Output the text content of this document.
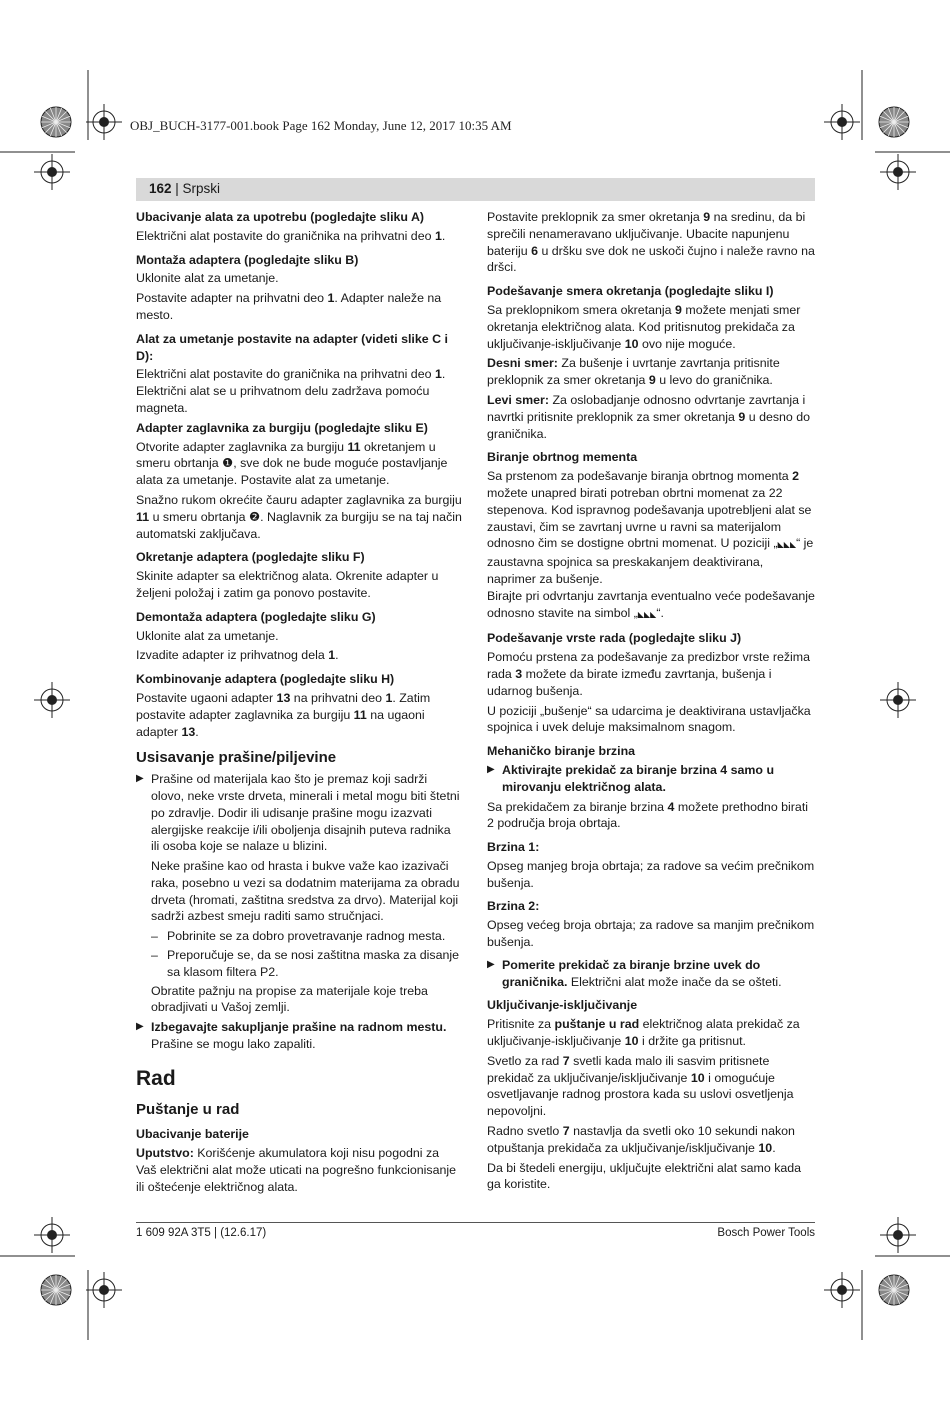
OBJ_BUCH-3177-001.book Page 162 Monday, June 12, 2017 10:35 AM
162 | Srpski
Ubacivanje alata za upotrebu (pogledajte sliku A)

Električni alat postavite do graničnika na prihvatni deo 1.

Montaža adaptera (pogledajte sliku B)

Uklonite alat za umetanje.

Postavite adapter na prihvatni deo 1. Adapter naleže na mesto.

Alat za umetanje postavite na adapter (videti slike C i D):

Električni alat postavite do graničnika na prihvatni deo 1. Električni alat se u prihvatnom delu zadržava pomoću magneta.

Adapter zaglavnika za burgiju (pogledajte sliku E)

Otvorite adapter zaglavnika za burgiju 11 okretanjem u smeru obrtanja ❶, sve dok ne bude moguće postavljanje alata za umetanje. Postavite alat za umetanje.

Snažno rukom okrećite čauru adapter zaglavnika za burgiju 11 u smeru obrtanja ❷. Naglavnik za burgiju se na taj način automatski zaključava.

Okretanje adaptera (pogledajte sliku F)

Skinite adapter sa električnog alata. Okrenite adapter u željeni položaj i zatim ga ponovo postavite.

Demontaža adaptera (pogledajte sliku G)

Uklonite alat za umetanje.

Izvadite adapter iz prihvatnog dela 1.

Kombinovanje adaptera (pogledajte sliku H)

Postavite ugaoni adapter 13 na prihvatni deo 1. Zatim postavite adapter zaglavnika za burgiju 11 na ugaoni adapter 13.

Usisavanje prašine/piljevine
▶ Prašine od materijala kao što je premaz koji sadrži olovo, neke vrste drveta, minerali i metal mogu biti štetni po zdravlje. Dodir ili udisanje prašine mogu izazvati alergijske reakcije i/ili oboljenja disajnih puteva radnika ili osoba koje se nalaze u blizini.

Neke prašine kao od hrasta i bukve važe kao izazivači raka, posebno u vezi sa dodatnim materijama za obradu drveta (hromati, zaštitna sredstva za drvo). Materijal koji sadrži azbest smeju raditi samo stručnjaci.

– Pobrinite se za dobro provetravanje radnog mesta.
– Preporučuje se, da se nosi zaštitna maska za disanje sa klasom filtera P2.

Obratite pažnju na propise za materijale koje treba obradjivati u Vašoj zemlji.

▶ Izbegavajte sakupljanje prašine na radnom mestu.
Prašine se mogu lako zapaliti.

Rad
Puštanje u rad
Ubacivanje baterije

Uputstvo: Korišćenje akumulatora koji nisu pogodni za Vaš električni alat može uticati na pogrešno funkcionisanje ili oštećenje električnog alata.

Postavite preklopnik za smer okretanja 9 na sredinu, da bi sprečili nenameravano uključivanje. Ubacite napunjenu bateriju 6 u dršku sve dok ne uskoči čujno i naleže ravno na dršci.

Podešavanje smera okretanja (pogledajte sliku I)

Sa preklopnikom smera okretanja 9 možete menjati smer okretanja električnog alata. Kod pritisnutog prekidača za uključivanje-isključivanje 10 ovo nije moguće.

Desni smer: Za bušenje i uvrtanje zavrtanja pritisnite preklopnik za smer okretanja 9 u levo do graničnika.

Levi smer: Za oslobadjanje odnosno odvrtanje zavrtanja i navrtki pritisnite preklopnik za smer okretanja 9 u desno do graničnika.

Biranje obrtnog mementa

Sa prstenom za podešavanje biranja obrtnog momenta 2 možete unapred birati potreban obrtni momenat za 22 stepenova. Kod ispravnog podešavanja upotrebljeni alat se zaustavi, čim se zavrtanj uvrne u ravni sa materijalom odnosno čim se dostigne obrtni momenat. U poziciji „◣◣◣“ je zaustavna spojnica sa preskakanjem deaktivirana, naprimer za bušenje.
Birajte pri odvrtanju zavrtanja eventualno veće podešavanje odnosno stavite na simbol „◣◣◣“.

Podešavanje vrste rada (pogledajte sliku J)

Pomoću prstena za podešavanje za predizbor vrste režima rada 3 možete da birate između zavrtanja, bušenja i udarnog bušenja.

U poziciji „bušenje“ sa udarcima je deaktivirana ustavljačka spojnica i uvek deluje maksimalnom snagom.

Mehaničko biranje brzina
▶ Aktivirajte prekidač za biranje brzina 4 samo u mirovanju električnog alata.

Sa prekidačem za biranje brzina 4 možete prethodno birati 2 područja broja obrtaja.

Brzina 1:

Opseg manjeg broja obrtaja; za radove sa većim prečnikom bušenja.

Brzina 2:

Opseg većeg broja obrtaja; za radove sa manjim prečnikom bušenja.

▶ Pomerite prekidač za biranje brzine uvek do graničnika. Električni alat može inače da se ošteti.

Uključivanje-isključivanje

Pritisnite za puštanje u rad električnog alata prekidač za uključivanje-isključivanje 10 i držite ga pritisnut.

Svetlo za rad 7 svetli kada malo ili sasvim pritisnete prekidač za uključivanje/isključivanje 10 i omogućuje osvetljavanje radnog prostora kada su uslovi osvetljenja nepovoljni.

Radno svetlo 7 nastavlja da svetli oko 10 sekundi nakon otpuštanja prekidača za uključivanje/isključivanje 10.

Da bi štedeli energiju, uključujte električni alat samo kada ga koristite.

1 609 92A 3T5 | (12.6.17)	Bosch Power Tools
